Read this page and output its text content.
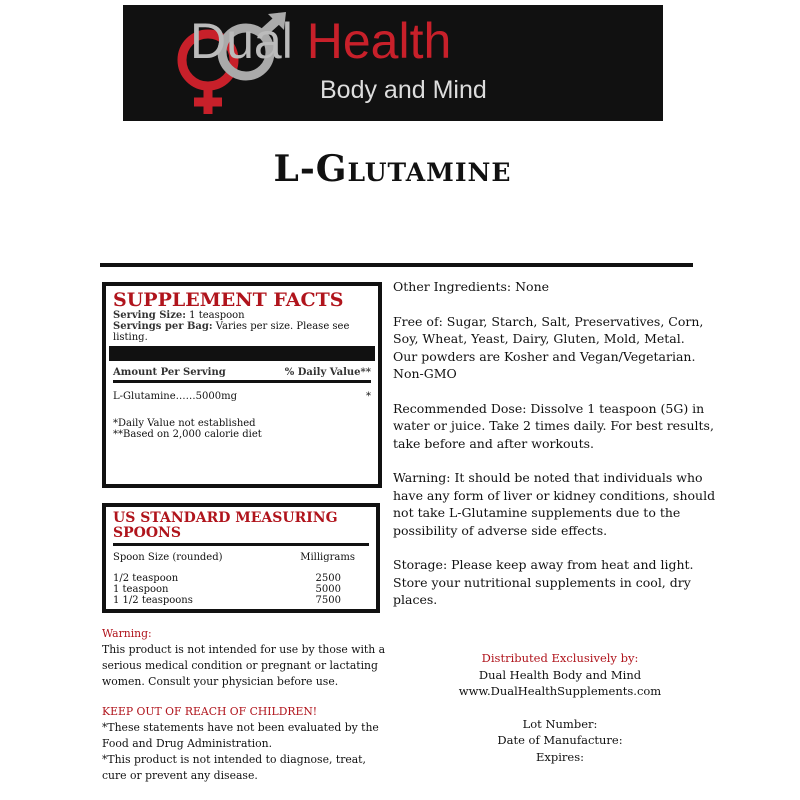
Dual Health
Body and Mind
L-Glutamine
SUPPLEMENT FACTS
Serving Size: 1 teaspoon
Servings per Bag: Varies per size. Please see listing.
Amount Per Serving	% Daily Value**
L-Glutamine……5000mg	*
*Daily Value not established
**Based on 2,000 calorie diet
US STANDARD MEASURING SPOONS
Spoon Size (rounded)	Milligrams
1/2 teaspoon	2500
1 teaspoon	5000
1 1/2 teaspoons	7500
Warning:

This product is not intended for use by those with a serious medical condition or pregnant or lactating women. Consult your physician before use.

KEEP OUT OF REACH OF CHILDREN!
*These statements have not been evaluated by the Food and Drug Administration.
*This product is not intended to diagnose, treat, cure or prevent any disease.

Other Ingredients: None

Free of: Sugar, Starch, Salt, Preservatives, Corn, Soy, Wheat, Yeast, Dairy, Gluten, Mold, Metal.
Our powders are Kosher and Vegan/Vegetarian.
Non-GMO

Recommended Dose: Dissolve 1 teaspoon (5G) in water or juice. Take 2 times daily. For best results, take before and after workouts.

Warning: It should be noted that individuals who have any form of liver or kidney conditions, should not take L-Glutamine supplements due to the possibility of adverse side effects.

Storage: Please keep away from heat and light. Store your nutritional supplements in cool, dry places.

Distributed Exclusively by:
Dual Health Body and Mind
www.DualHealthSupplements.com
Lot Number:
Date of Manufacture:
Expires:
